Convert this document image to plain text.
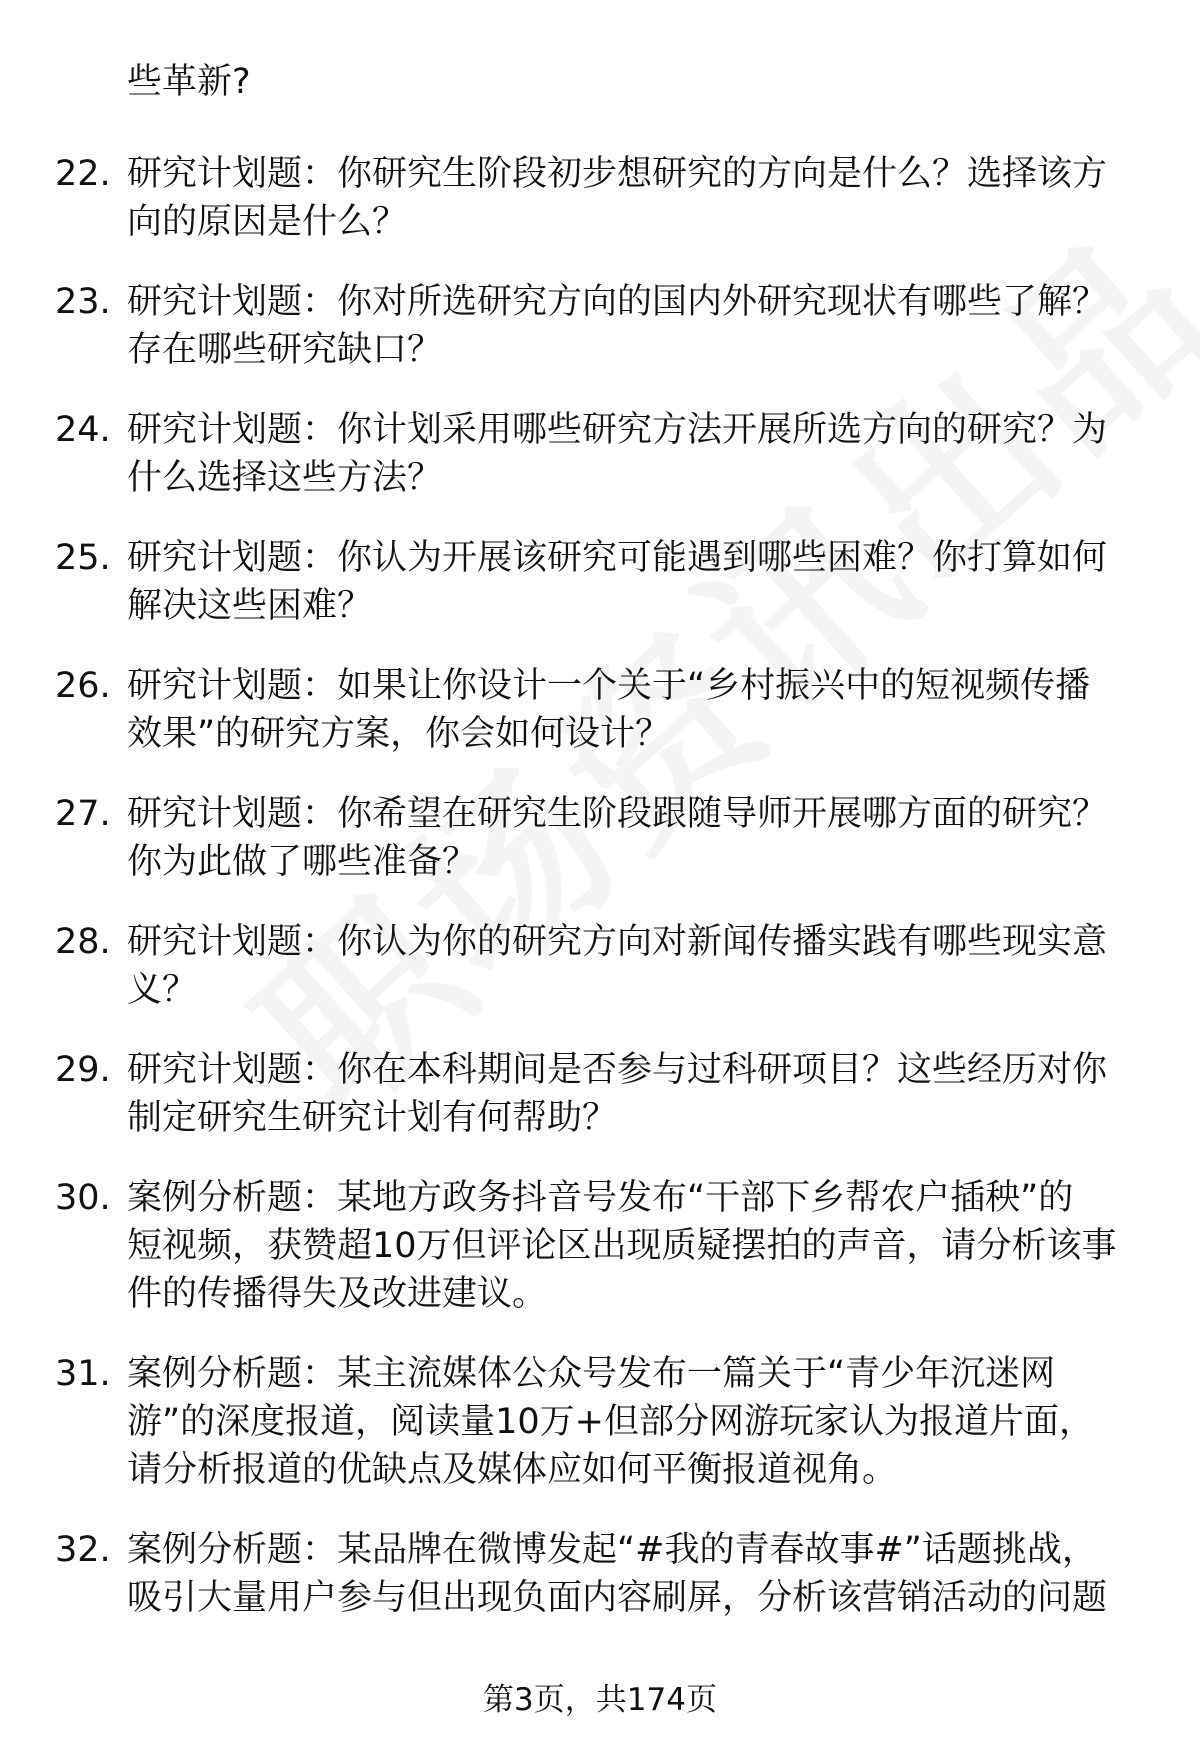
些革新?
22. 研究计划题：你研究生阶段初步想研究的方向是什么？选择该方
向的原因是什么？
23. 研究计划题：你对所选研究方向的国内外研究现状有哪些了解？
存在哪些研究缺口？
24. 研究计划题：你计划采用哪些研究方法开展所选方向的研究？为
什么选择这些方法？
25. 研究计划题：你认为开展该研究可能遇到哪些困难？你打算如何
解决这些困难？
26. 研究计划题：如果让你设计一个关于“乡村振兴中的短视频传播
效果”的研究方案，你会如何设计？
27. 研究计划题：你希望在研究生阶段跟随导师开展哪方面的研究？
你为此做了哪些准备？
28. 研究计划题：你认为你的研究方向对新闻传播实践有哪些现实意
义？
29. 研究计划题：你在本科期间是否参与过科研项目？这些经历对你
制定研究生研究计划有何帮助？
30. 案例分析题：某地方政务抖音号发布“干部下乡帮农户插秧”的
短视频，获赞超10万但评论区出现质疑摆拍的声音，请分析该事
件的传播得失及改进建议。
31. 案例分析题：某主流媒体公众号发布一篇关于“青少年沉迷网
游”的深度报道，阅读量10万+但部分网游玩家认为报道片面，
请分析报道的优缺点及媒体应如何平衡报道视角。
32. 案例分析题：某品牌在微博发起“#我的青春故事#”话题挑战，
吸引大量用户参与但出现负面内容刷屏，分析该营销活动的问题
第3页，共174页
